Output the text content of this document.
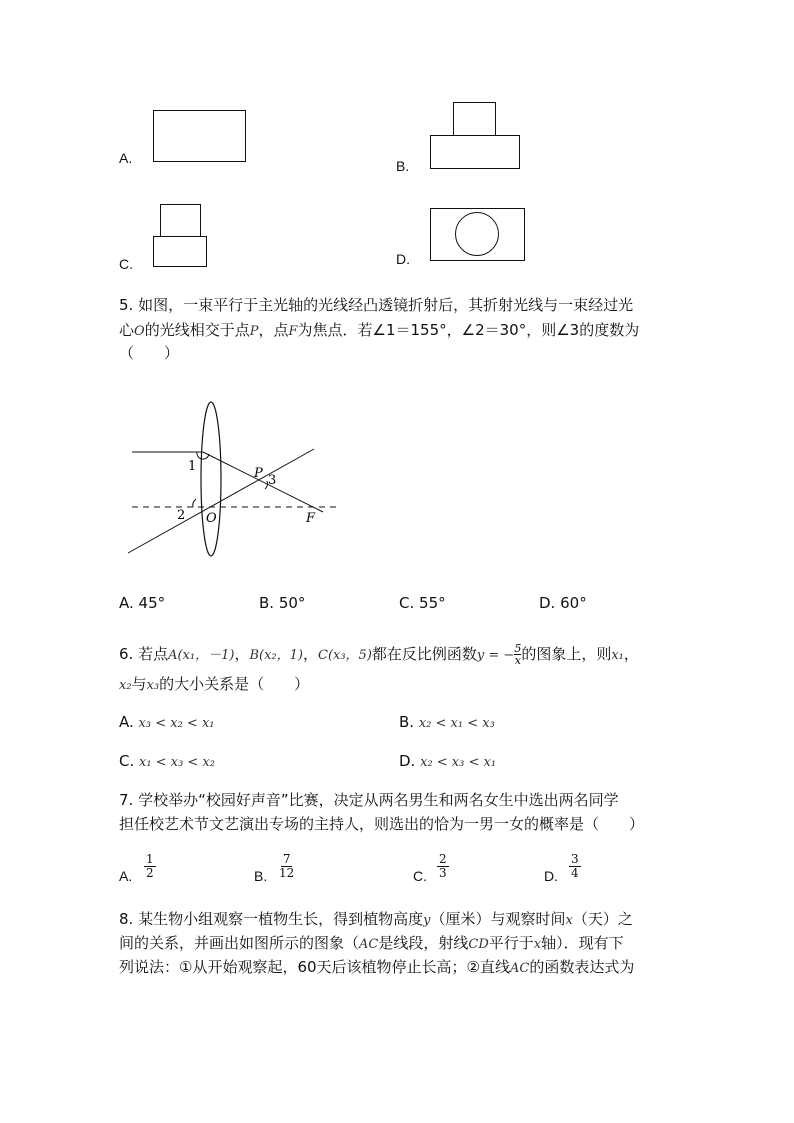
A.	B.
C.	D.
5. 如图，一束平行于主光轴的光线经凸透镜折射后，其折射光线与一束经过光
心O的光线相交于点P，点F为焦点．若∠1＝155°，∠2＝30°，则∠3的度数为
（　　）
1
2
3
P
O	F
A. 45°	B. 50°	C. 55°	D. 60°
6. 若点A(x₁，－1)，B(x₂，1)，C(x₃，5)都在反比例函数y = − $\frac{5}{x}$ 的图象上，则x₁，
x₂与x₃的大小关系是（　　）
A. x₃ < x₂ < x₁	B. x₂ < x₁ < x₃
C. x₁ < x₃ < x₂	D. x₂ < x₃ < x₁
7. 学校举办“校园好声音”比赛，决定从两名男生和两名女生中选出两名同学
担任校艺术节文艺演出专场的主持人，则选出的恰为一男一女的概率是（　　）
A. $\frac{1}{2}$	B. $\frac{7}{12}$	C. $\frac{2}{3}$	D. $\frac{3}{4}$
8. 某生物小组观察一植物生长，得到植物高度y（厘米）与观察时间x（天）之
间的关系，并画出如图所示的图象（AC是线段，射线CD平行于x轴）．现有下
列说法：①从开始观察起，60天后该植物停止长高；②直线AC的函数表达式为
